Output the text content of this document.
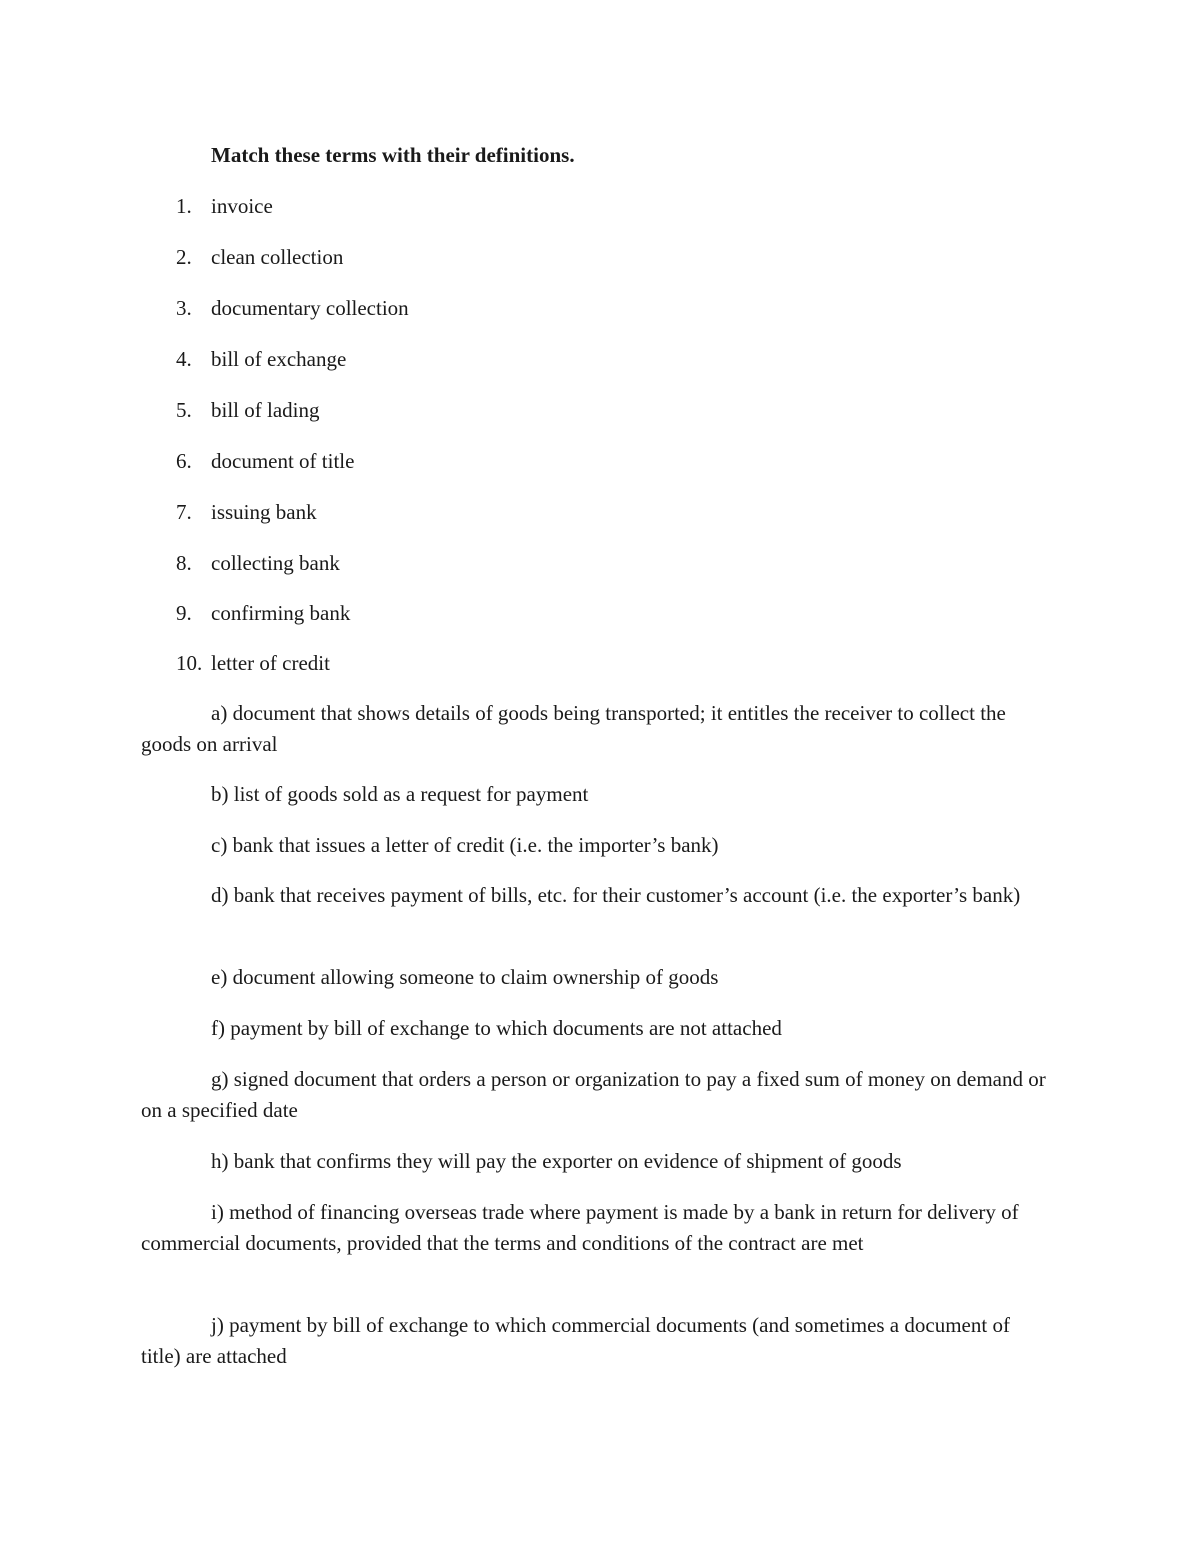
Match these terms with their definitions.
1. invoice
2. clean collection
3. documentary collection
4. bill of exchange
5. bill of lading
6. document of title
7. issuing bank
8. collecting bank
9. confirming bank
10. letter of credit
a) document that shows details of goods being transported; it entitles the receiver to collect the goods on arrival
b) list of goods sold as a request for payment
c) bank that issues a letter of credit (i.e. the importer’s bank)
d) bank that receives payment of bills, etc. for their customer’s account (i.e. the exporter’s bank)
e) document allowing someone to claim ownership of goods
f) payment by bill of exchange to which documents are not attached
g) signed document that orders a person or organization to pay a fixed sum of money on demand or on a specified date
h) bank that confirms they will pay the exporter on evidence of shipment of goods
i) method of financing overseas trade where payment is made by a bank in return for delivery of commercial documents, provided that the terms and conditions of the contract are met
j) payment by bill of exchange to which commercial documents (and sometimes a document of title) are attached
